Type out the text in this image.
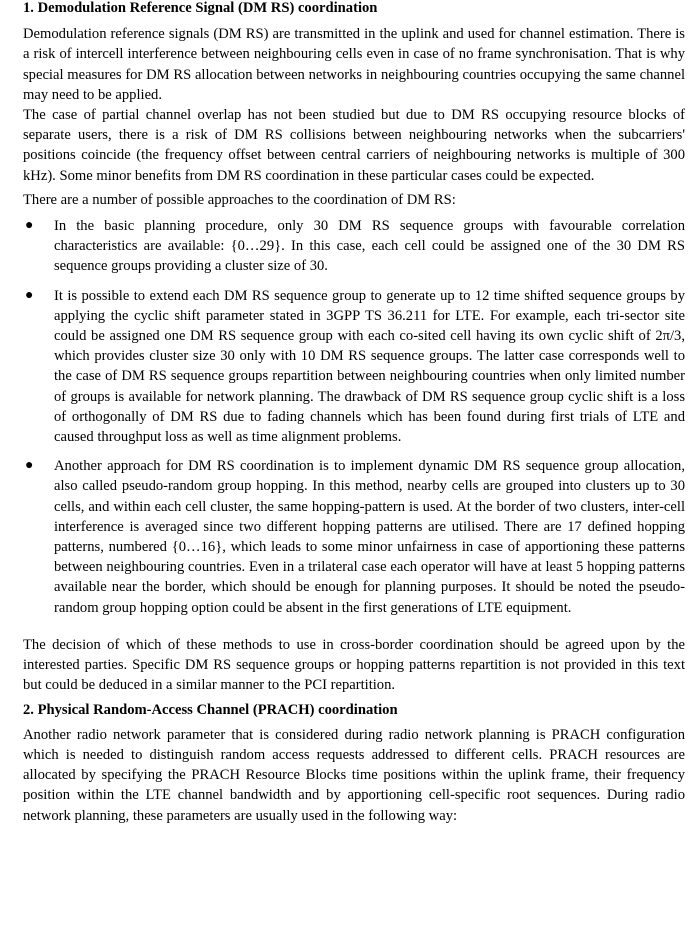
1. Demodulation Reference Signal (DM RS) coordination

Demodulation reference signals (DM RS) are transmitted in the uplink and used for channel estimation. There is a risk of intercell interference between neighbouring cells even in case of no frame synchronisation. That is why special measures for DM RS allocation between networks in neighbouring countries occupying the same channel may need to be applied.

The case of partial channel overlap has not been studied but due to DM RS occupying resource blocks of separate users, there is a risk of DM RS collisions between neighbouring networks when the subcarriers' positions coincide (the frequency offset between central carriers of neighbouring networks is multiple of 300 kHz). Some minor benefits from DM RS coordination in these particular cases could be expected.

There are a number of possible approaches to the coordination of DM RS:

● In the basic planning procedure, only 30 DM RS sequence groups with favourable correlation characteristics are available: {0…29}. In this case, each cell could be assigned one of the 30 DM RS sequence groups providing a cluster size of 30.
● It is possible to extend each DM RS sequence group to generate up to 12 time shifted sequence groups by applying the cyclic shift parameter stated in 3GPP TS 36.211 for LTE. For example, each tri-sector site could be assigned one DM RS sequence group with each co-sited cell having its own cyclic shift of 2π/3, which provides cluster size 30 only with 10 DM RS sequence groups. The latter case corresponds well to the case of DM RS sequence groups repartition between neighbouring countries when only limited number of groups is available for network planning. The drawback of DM RS sequence group cyclic shift is a loss of orthogonally of DM RS due to fading channels which has been found during first trials of LTE and caused throughput loss as well as time alignment problems.
● Another approach for DM RS coordination is to implement dynamic DM RS sequence group allocation, also called pseudo-random group hopping. In this method, nearby cells are grouped into clusters up to 30 cells, and within each cell cluster, the same hopping-pattern is used. At the border of two clusters, inter-cell interference is averaged since two different hopping patterns are utilised. There are 17 defined hopping patterns, numbered {0…16}, which leads to some minor unfairness in case of apportioning these patterns between neighbouring countries. Even in a trilateral case each operator will have at least 5 hopping patterns available near the border, which should be enough for planning purposes. It should be noted the pseudo-random group hopping option could be absent in the first generations of LTE equipment.

The decision of which of these methods to use in cross-border coordination should be agreed upon by the interested parties. Specific DM RS sequence groups or hopping patterns repartition is not provided in this text but could be deduced in a similar manner to the PCI repartition.

2. Physical Random-Access Channel (PRACH) coordination

Another radio network parameter that is considered during radio network planning is PRACH configuration which is needed to distinguish random access requests addressed to different cells. PRACH resources are allocated by specifying the PRACH Resource Blocks time positions within the uplink frame, their frequency position within the LTE channel bandwidth and by apportioning cell-specific root sequences. During radio network planning, these parameters are usually used in the following way:
